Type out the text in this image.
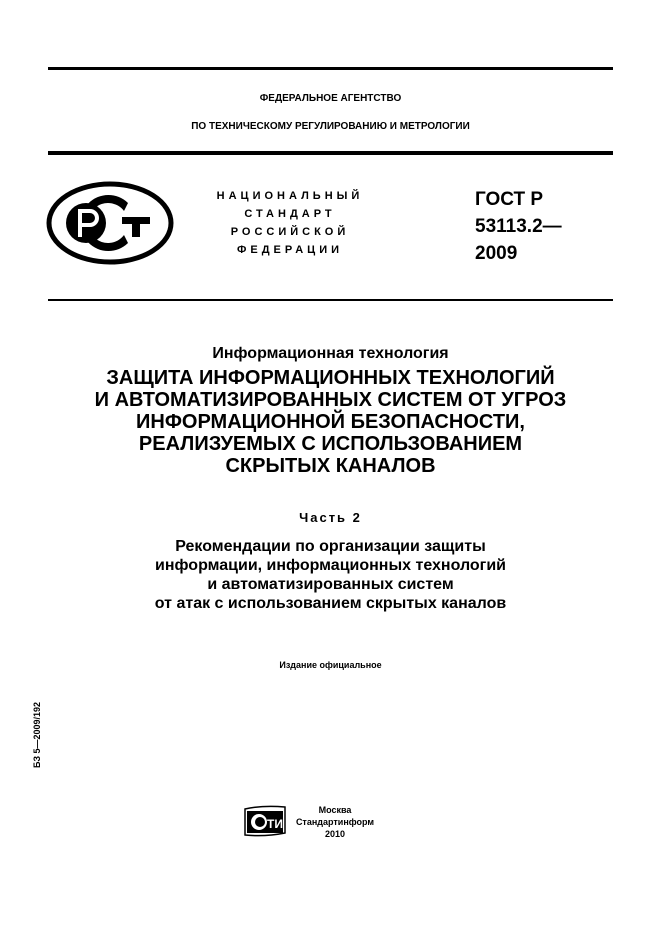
ФЕДЕРАЛЬНОЕ АГЕНТСТВО
ПО ТЕХНИЧЕСКОМУ РЕГУЛИРОВАНИЮ И МЕТРОЛОГИИ
НАЦИОНАЛЬНЫЙ
СТАНДАРТ
РОССИЙСКОЙ
ФЕДЕРАЦИИ
ГОСТ Р
53113.2—
2009
Информационная технология
ЗАЩИТА ИНФОРМАЦИОННЫХ ТЕХНОЛОГИЙ
И АВТОМАТИЗИРОВАННЫХ СИСТЕМ ОТ УГРОЗ
ИНФОРМАЦИОННОЙ БЕЗОПАСНОСТИ,
РЕАЛИЗУЕМЫХ С ИСПОЛЬЗОВАНИЕМ
СКРЫТЫХ КАНАЛОВ
Часть 2
Рекомендации по организации защиты
информации, информационных технологий
и автоматизированных систем
от атак с использованием скрытых каналов
Издание официальное
БЗ 5—2009/192
ТИ
Москва
Стандартинформ
2010
